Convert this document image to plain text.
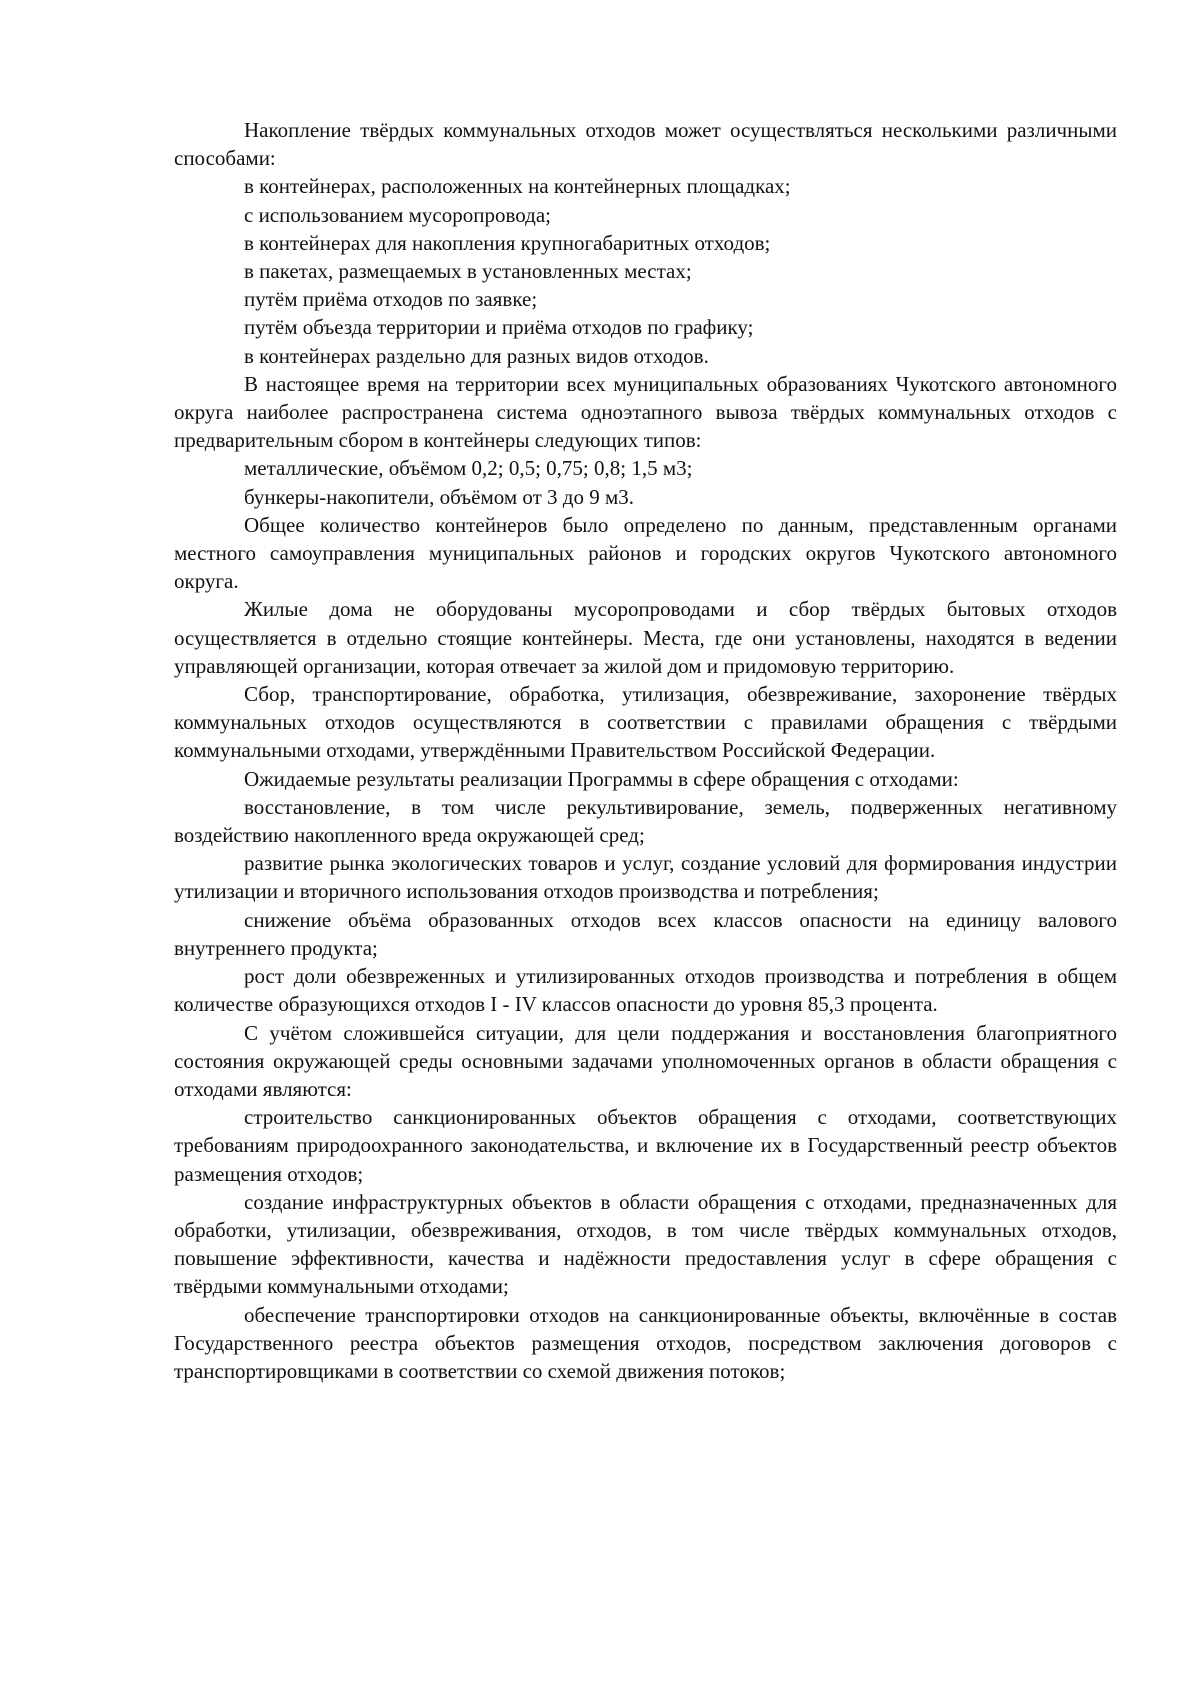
Накопление твёрдых коммунальных отходов может осуществляться несколькими различными способами:

в контейнерах, расположенных на контейнерных площадках;

с использованием мусоропровода;

в контейнерах для накопления крупногабаритных отходов;

в пакетах, размещаемых в установленных местах;

путём приёма отходов по заявке;

путём объезда территории и приёма отходов по графику;

в контейнерах раздельно для разных видов отходов.

В настоящее время на территории всех муниципальных образованиях Чукотского автономного округа наиболее распространена система одноэтапного вывоза твёрдых коммунальных отходов с предварительным сбором в контейнеры следующих типов:

металлические, объёмом 0,2; 0,5; 0,75; 0,8; 1,5 м3;

бункеры-накопители, объёмом от 3 до 9 м3.

Общее количество контейнеров было определено по данным, представленным органами местного самоуправления муниципальных районов и городских округов Чукотского автономного округа.

Жилые дома не оборудованы мусоропроводами и сбор твёрдых бытовых отходов осуществляется в отдельно стоящие контейнеры. Места, где они установлены, находятся в ведении управляющей организации, которая отвечает за жилой дом и придомовую территорию.

Сбор, транспортирование, обработка, утилизация, обезвреживание, захоронение твёрдых коммунальных отходов осуществляются в соответствии с правилами обращения с твёрдыми коммунальными отходами, утверждёнными Правительством Российской Федерации.

Ожидаемые результаты реализации Программы в сфере обращения с отходами:

восстановление, в том числе рекультивирование, земель, подверженных негативному воздействию накопленного вреда окружающей сред;

развитие рынка экологических товаров и услуг, создание условий для формирования индустрии утилизации и вторичного использования отходов производства и потребления;

снижение объёма образованных отходов всех классов опасности на единицу валового внутреннего продукта;

рост доли обезвреженных и утилизированных отходов производства и потребления в общем количестве образующихся отходов I - IV классов опасности до уровня 85,3 процента.

С учётом сложившейся ситуации, для цели поддержания и восстановления благоприятного состояния окружающей среды основными задачами уполномоченных органов в области обращения с отходами являются:

строительство санкционированных объектов обращения с отходами, соответствующих требованиям природоохранного законодательства, и включение их в Государственный реестр объектов размещения отходов;

создание инфраструктурных объектов в области обращения с отходами, предназначенных для обработки, утилизации, обезвреживания, отходов, в том числе твёрдых коммунальных отходов, повышение эффективности, качества и надёжности предоставления услуг в сфере обращения с твёрдыми коммунальными отходами;

обеспечение транспортировки отходов на санкционированные объекты, включённые в состав Государственного реестра объектов размещения отходов, посредством заключения договоров с транспортировщиками в соответствии со схемой движения потоков;
